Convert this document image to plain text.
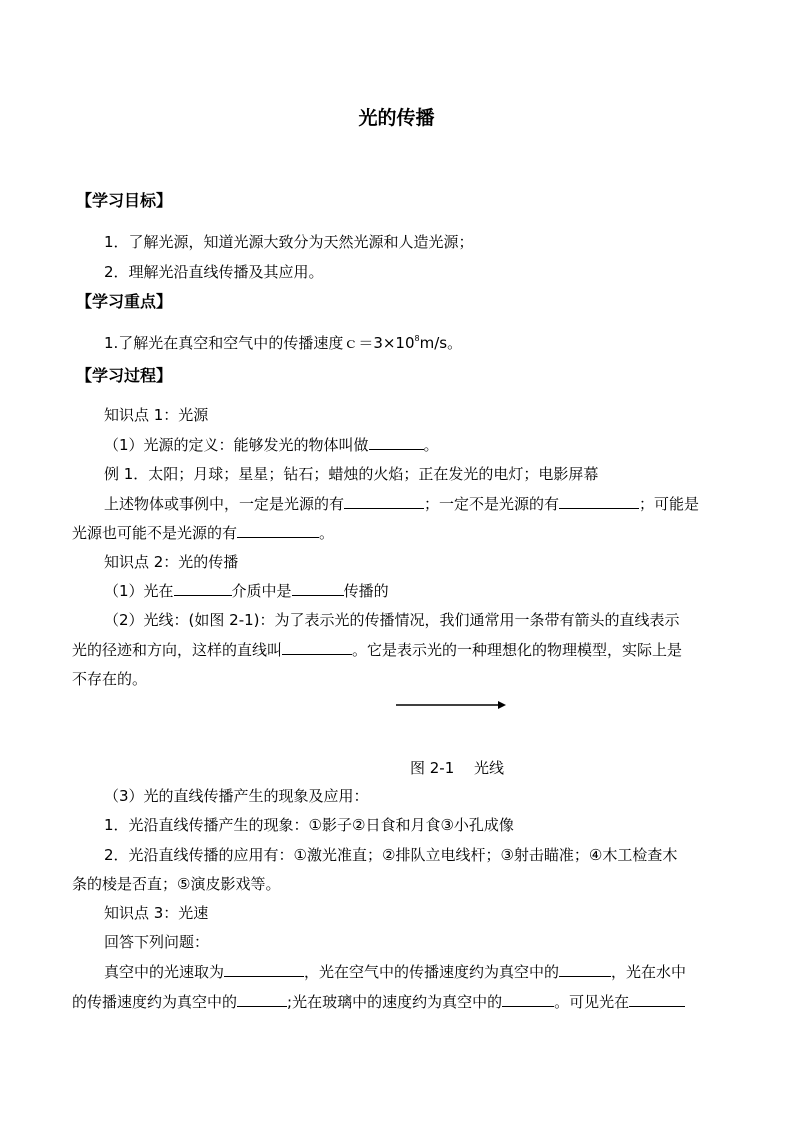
光的传播
【学习目标】
1．了解光源，知道光源大致分为天然光源和人造光源；
2．理解光沿直线传播及其应用。
【学习重点】
1.了解光在真空和空气中的传播速度$c=3\times 10^8m/s$。
【学习过程】
知识点 1：光源
（1）光源的定义：能够发光的物体叫做	。
例 1．太阳；月球；星星；钻石；蜡烛的火焰；正在发光的电灯；电影屏幕
上述物体或事例中，一定是光源的有	；一定不是光源的有	；可能是
光源也可能不是光源的有	。
知识点 2：光的传播
（1）光在	介质中是	传播的
（2）光线：(如图 2-1)：为了表示光的传播情况，我们通常用一条带有箭头的直线表示
光的径迹和方向，这样的直线叫	。它是表示光的一种理想化的物理模型，实际上是
不存在的。
图 2-1　 光线
（3）光的直线传播产生的现象及应用：
1．光沿直线传播产生的现象：①影子②日食和月食③小孔成像
2．光沿直线传播的应用有：①激光准直；②排队立电线杆；③射击瞄准；④木工检查木
条的棱是否直；⑤演皮影戏等。
知识点 3：光速
回答下列问题：
真空中的光速取为	，光在空气中的传播速度约为真空中的	，光在水中
的传播速度约为真空中的	;光在玻璃中的速度约为真空中的	。可见光在
